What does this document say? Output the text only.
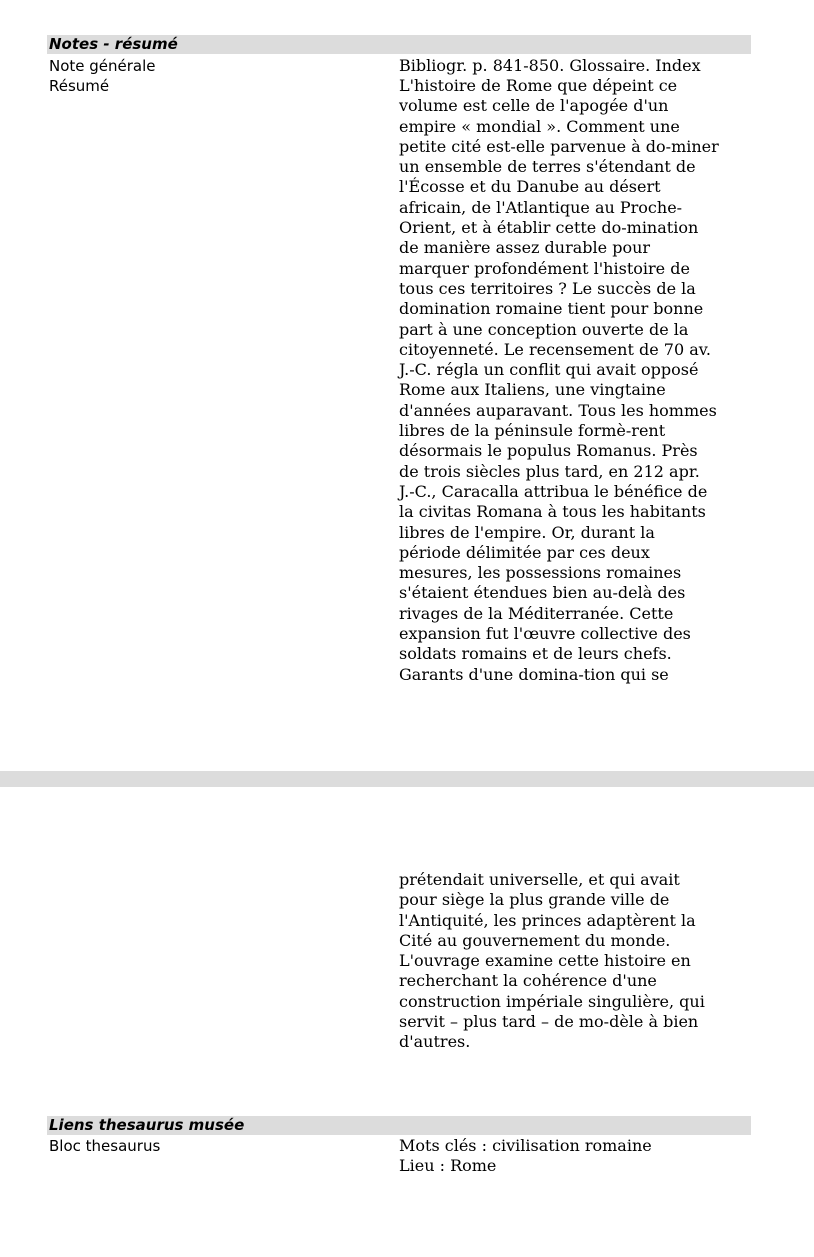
Notes - résumé
Note générale	Bibliogr. p. 841-850. Glossaire. Index
Résumé	L'histoire de Rome que dépeint ce
volume est celle de l'apogée d'un
empire « mondial ». Comment une
petite cité est-elle parvenue à do-miner
un ensemble de terres s'étendant de
l'Écosse et du Danube au désert
africain, de l'Atlantique au Proche-
Orient, et à établir cette do-mination
de manière assez durable pour
marquer profondément l'histoire de
tous ces territoires ? Le succès de la
domination romaine tient pour bonne
part à une conception ouverte de la
citoyenneté. Le recensement de 70 av.
J.-C. régla un conflit qui avait opposé
Rome aux Italiens, une vingtaine
d'années auparavant. Tous les hommes
libres de la péninsule formè-rent
désormais le populus Romanus. Près
de trois siècles plus tard, en 212 apr.
J.-C., Caracalla attribua le bénéfice de
la civitas Romana à tous les habitants
libres de l'empire. Or, durant la
période délimitée par ces deux
mesures, les possessions romaines
s'étaient étendues bien au-delà des
rivages de la Méditerranée. Cette
expansion fut l'œuvre collective des
soldats romains et de leurs chefs.
Garants d'une domina-tion qui se
prétendait universelle, et qui avait
pour siège la plus grande ville de
l'Antiquité, les princes adaptèrent la
Cité au gouvernement du monde.
L'ouvrage examine cette histoire en
recherchant la cohérence d'une
construction impériale singulière, qui
servit – plus tard – de mo-dèle à bien
d'autres.
Liens thesaurus musée
Bloc thesaurus	Mots clés : civilisation romaine
Lieu : Rome
